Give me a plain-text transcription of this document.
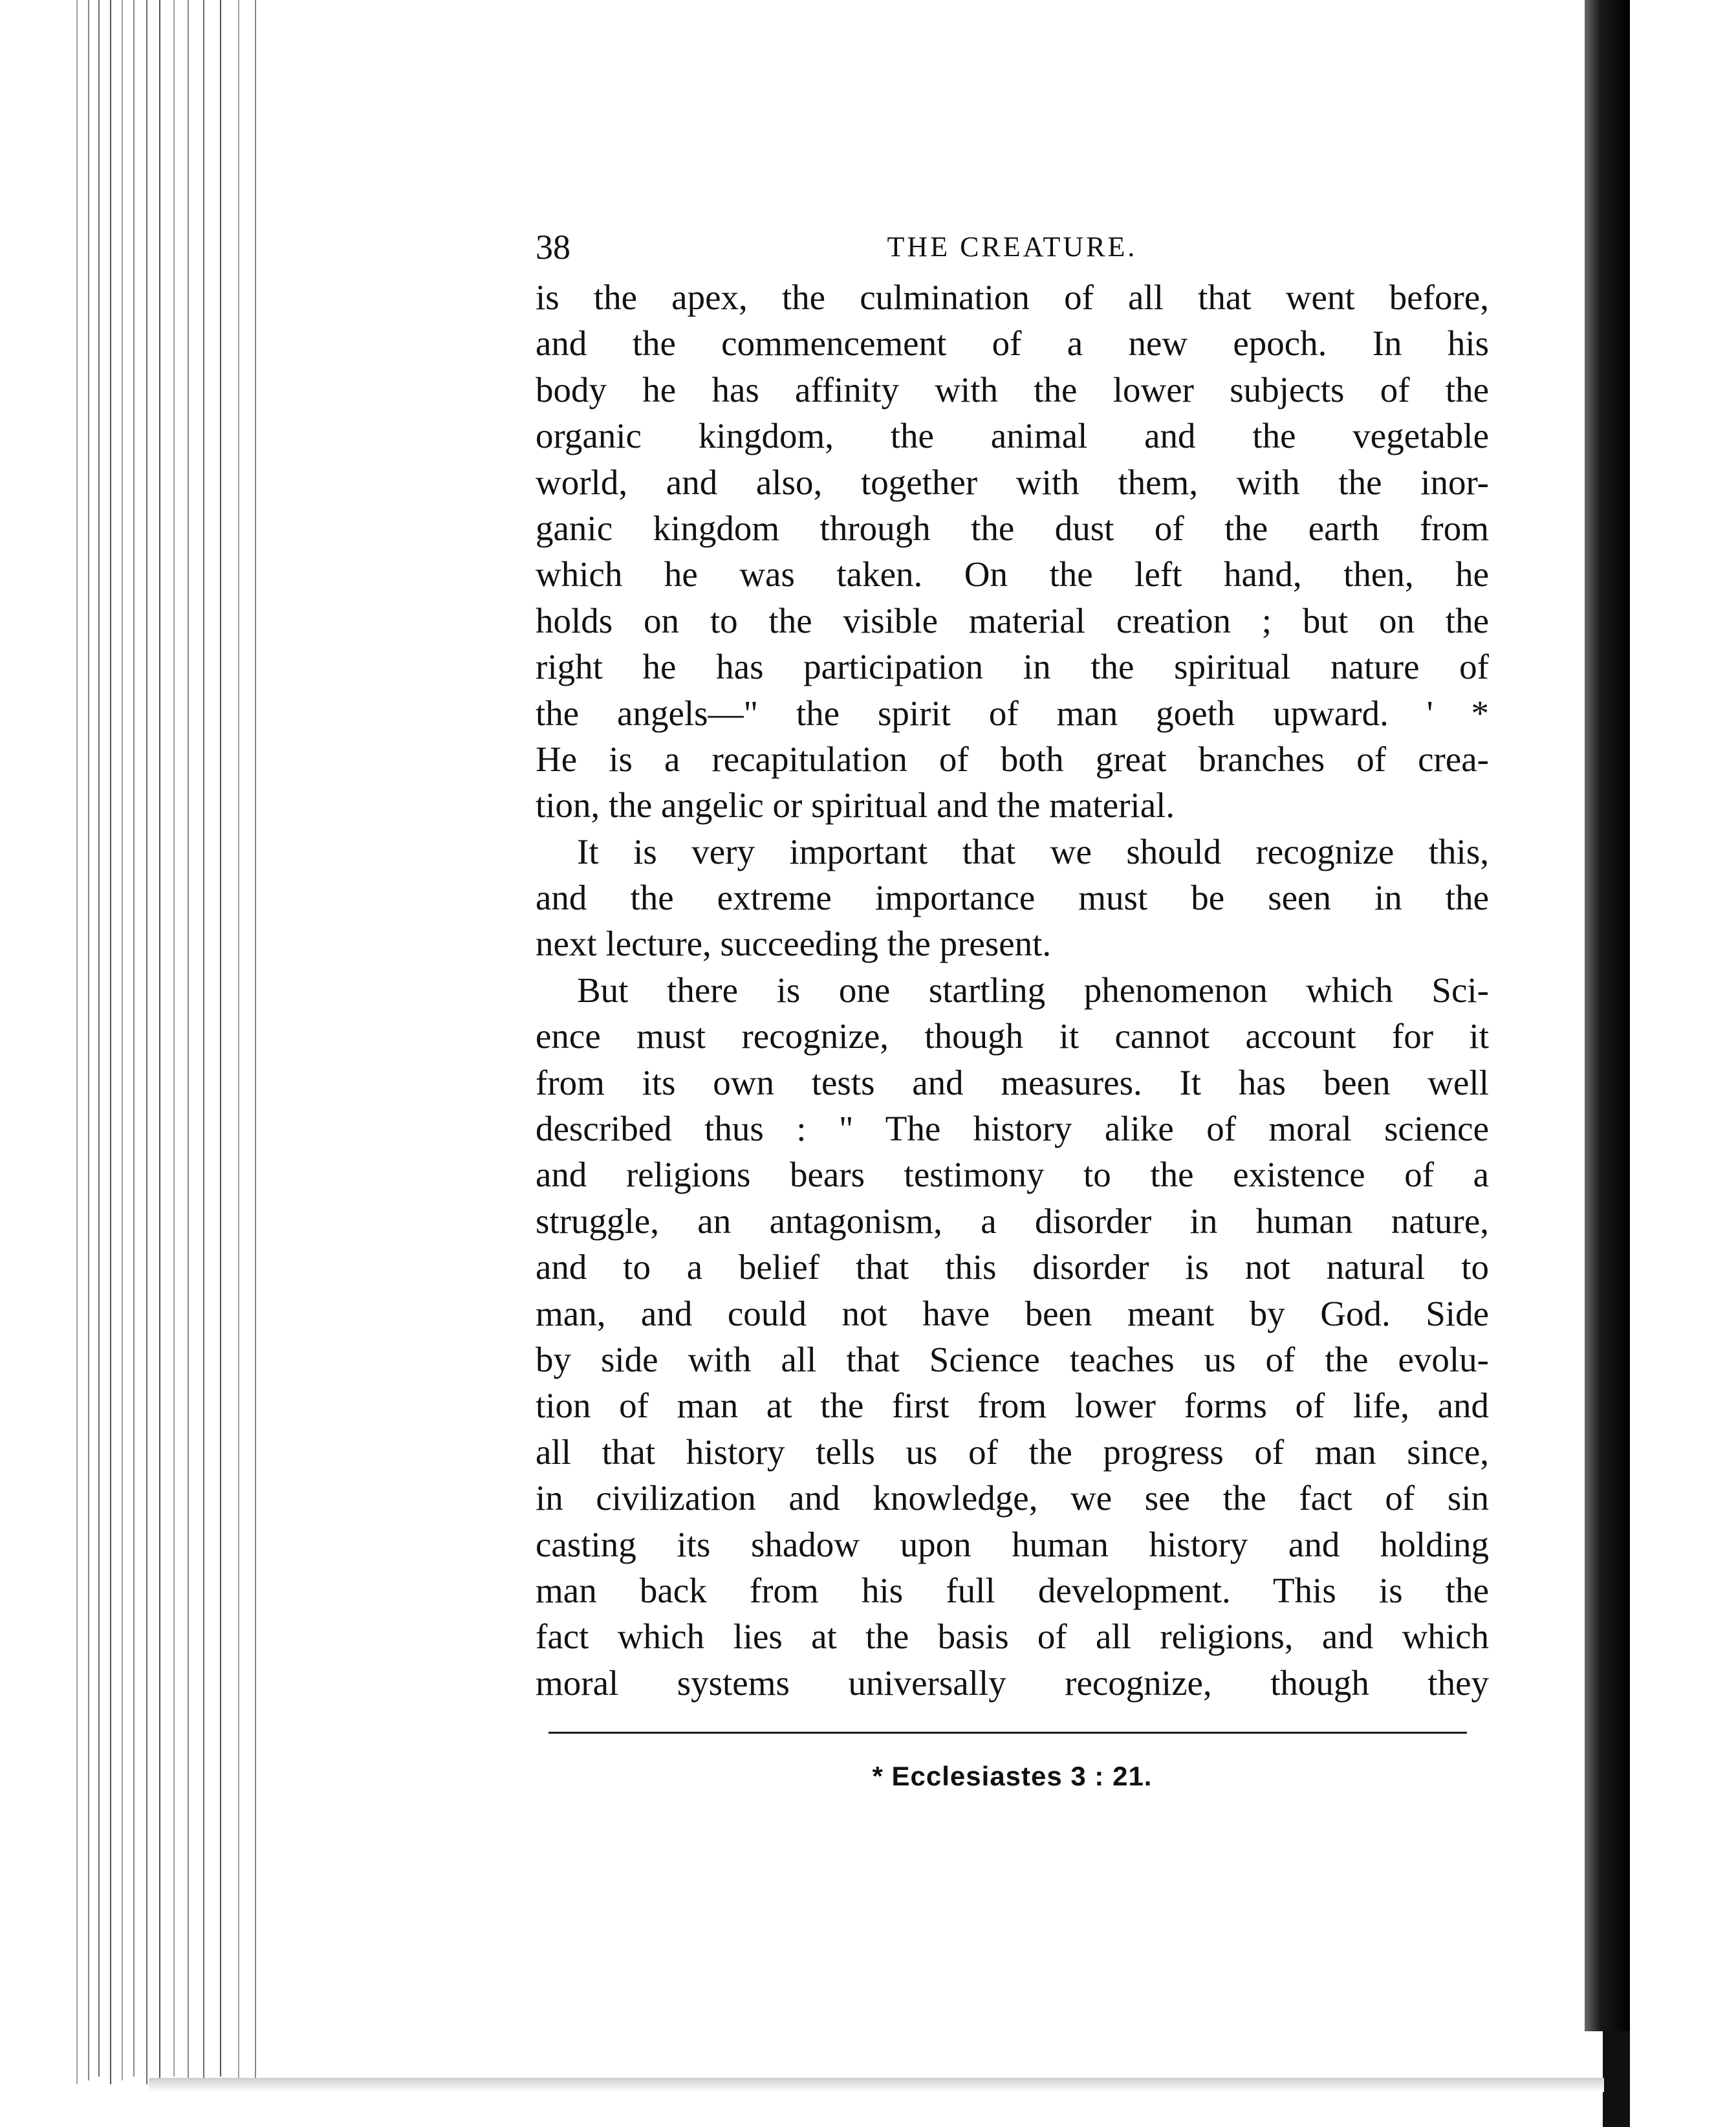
38	THE CREATURE.
is the apex, the culmination of all that went before,
and the commencement of a new epoch. In his
body he has affinity with the lower subjects of the
organic kingdom, the animal and the vegetable
world, and also, together with them, with the inor-
ganic kingdom through the dust of the earth from
which he was taken. On the left hand, then, he
holds on to the visible material creation ; but on the
right he has participation in the spiritual nature of
the angels—" the spirit of man goeth upward. ' *
He is a recapitulation of both great branches of crea-
tion, the angelic or spiritual and the material.
It is very important that we should recognize this,
and the extreme importance must be seen in the
next lecture, succeeding the present.
But there is one startling phenomenon which Sci-
ence must recognize, though it cannot account for it
from its own tests and measures. It has been well
described thus : " The history alike of moral science
and religions bears testimony to the existence of a
struggle, an antagonism, a disorder in human nature,
and to a belief that this disorder is not natural to
man, and could not have been meant by God. Side
by side with all that Science teaches us of the evolu-
tion of man at the first from lower forms of life, and
all that history tells us of the progress of man since,
in civilization and knowledge, we see the fact of sin
casting its shadow upon human history and holding
man back from his full development. This is the
fact which lies at the basis of all religions, and which
moral systems universally recognize, though they
* Ecclesiastes 3 : 21.
